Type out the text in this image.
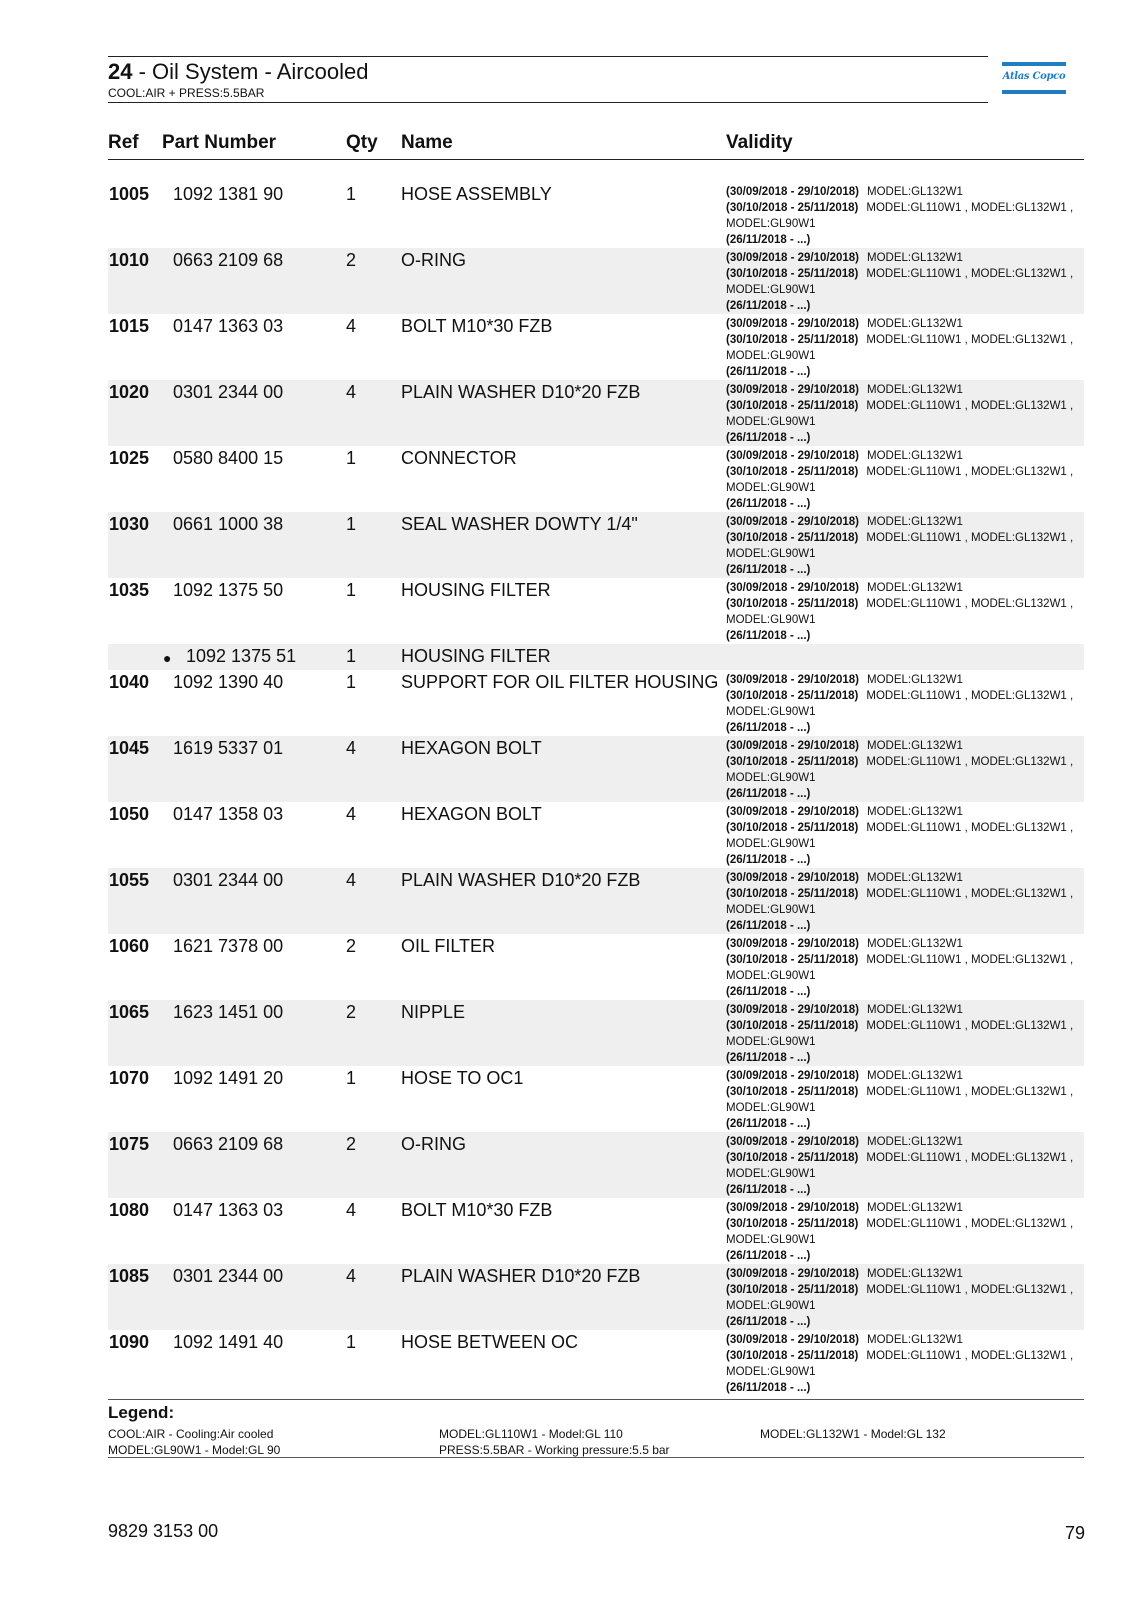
24 - Oil System - Aircooled
COOL:AIR + PRESS:5.5BAR
Atlas Copco
Ref Part Number	Qty Name	Validity
1005 1092 1381 90	1 HOSE ASSEMBLY	(30/09/2018 - 29/10/2018) MODEL:GL132W1
(30/10/2018 - 25/11/2018) MODEL:GL110W1 , MODEL:GL132W1 ,
MODEL:GL90W1
(26/11/2018 - ...)
1010 0663 2109 68	2 O-RING	(30/09/2018 - 29/10/2018) MODEL:GL132W1
(30/10/2018 - 25/11/2018) MODEL:GL110W1 , MODEL:GL132W1 ,
MODEL:GL90W1
(26/11/2018 - ...)
1015 0147 1363 03	4 BOLT M10*30 FZB	(30/09/2018 - 29/10/2018) MODEL:GL132W1
(30/10/2018 - 25/11/2018) MODEL:GL110W1 , MODEL:GL132W1 ,
MODEL:GL90W1
(26/11/2018 - ...)
1020 0301 2344 00	4 PLAIN WASHER D10*20 FZB	(30/09/2018 - 29/10/2018) MODEL:GL132W1
(30/10/2018 - 25/11/2018) MODEL:GL110W1 , MODEL:GL132W1 ,
MODEL:GL90W1
(26/11/2018 - ...)
1025 0580 8400 15	1 CONNECTOR	(30/09/2018 - 29/10/2018) MODEL:GL132W1
(30/10/2018 - 25/11/2018) MODEL:GL110W1 , MODEL:GL132W1 ,
MODEL:GL90W1
(26/11/2018 - ...)
1030 0661 1000 38	1 SEAL WASHER DOWTY 1/4"	(30/09/2018 - 29/10/2018) MODEL:GL132W1
(30/10/2018 - 25/11/2018) MODEL:GL110W1 , MODEL:GL132W1 ,
MODEL:GL90W1
(26/11/2018 - ...)
1035 1092 1375 50	1 HOUSING FILTER	(30/09/2018 - 29/10/2018) MODEL:GL132W1
(30/10/2018 - 25/11/2018) MODEL:GL110W1 , MODEL:GL132W1 ,
MODEL:GL90W1
(26/11/2018 - ...)
● 1092 1375 51	1 HOUSING FILTER
1040 1092 1390 40	1 SUPPORT FOR OIL FILTER HOUSING (30/09/2018 - 29/10/2018) MODEL:GL132W1
(30/10/2018 - 25/11/2018) MODEL:GL110W1 , MODEL:GL132W1 ,
MODEL:GL90W1
(26/11/2018 - ...)
1045 1619 5337 01	4 HEXAGON BOLT	(30/09/2018 - 29/10/2018) MODEL:GL132W1
(30/10/2018 - 25/11/2018) MODEL:GL110W1 , MODEL:GL132W1 ,
MODEL:GL90W1
(26/11/2018 - ...)
1050 0147 1358 03	4 HEXAGON BOLT	(30/09/2018 - 29/10/2018) MODEL:GL132W1
(30/10/2018 - 25/11/2018) MODEL:GL110W1 , MODEL:GL132W1 ,
MODEL:GL90W1
(26/11/2018 - ...)
1055 0301 2344 00	4 PLAIN WASHER D10*20 FZB	(30/09/2018 - 29/10/2018) MODEL:GL132W1
(30/10/2018 - 25/11/2018) MODEL:GL110W1 , MODEL:GL132W1 ,
MODEL:GL90W1
(26/11/2018 - ...)
1060 1621 7378 00	2 OIL FILTER	(30/09/2018 - 29/10/2018) MODEL:GL132W1
(30/10/2018 - 25/11/2018) MODEL:GL110W1 , MODEL:GL132W1 ,
MODEL:GL90W1
(26/11/2018 - ...)
1065 1623 1451 00	2 NIPPLE	(30/09/2018 - 29/10/2018) MODEL:GL132W1
(30/10/2018 - 25/11/2018) MODEL:GL110W1 , MODEL:GL132W1 ,
MODEL:GL90W1
(26/11/2018 - ...)
1070 1092 1491 20	1 HOSE TO OC1	(30/09/2018 - 29/10/2018) MODEL:GL132W1
(30/10/2018 - 25/11/2018) MODEL:GL110W1 , MODEL:GL132W1 ,
MODEL:GL90W1
(26/11/2018 - ...)
1075 0663 2109 68	2 O-RING	(30/09/2018 - 29/10/2018) MODEL:GL132W1
(30/10/2018 - 25/11/2018) MODEL:GL110W1 , MODEL:GL132W1 ,
MODEL:GL90W1
(26/11/2018 - ...)
1080 0147 1363 03	4 BOLT M10*30 FZB	(30/09/2018 - 29/10/2018) MODEL:GL132W1
(30/10/2018 - 25/11/2018) MODEL:GL110W1 , MODEL:GL132W1 ,
MODEL:GL90W1
(26/11/2018 - ...)
1085 0301 2344 00	4 PLAIN WASHER D10*20 FZB	(30/09/2018 - 29/10/2018) MODEL:GL132W1
(30/10/2018 - 25/11/2018) MODEL:GL110W1 , MODEL:GL132W1 ,
MODEL:GL90W1
(26/11/2018 - ...)
1090 1092 1491 40	1 HOSE BETWEEN OC	(30/09/2018 - 29/10/2018) MODEL:GL132W1
(30/10/2018 - 25/11/2018) MODEL:GL110W1 , MODEL:GL132W1 ,
MODEL:GL90W1
(26/11/2018 - ...)
Legend:
COOL:AIR - Cooling:Air cooled
MODEL:GL90W1 - Model:GL 90
MODEL:GL110W1 - Model:GL 110
PRESS:5.5BAR - Working pressure:5.5 bar
MODEL:GL132W1 - Model:GL 132
9829 3153 00	79
